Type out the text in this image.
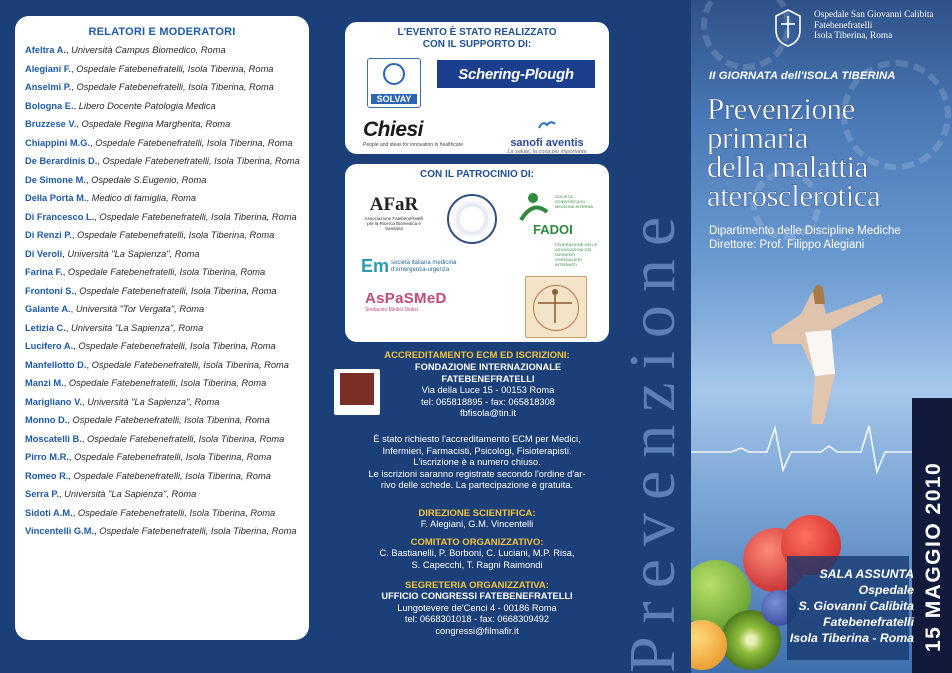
RELATORI E MODERATORI
Afeltra A., Università Campus Biomedico, Roma
Alegiani F., Ospedale Fatebenefratelli, Isola Tiberina, Roma
Anselmi P., Ospedale Fatebenefratelli, Isola Tiberina, Roma
Bologna E., Libero Docente Patologia Medica
Bruzzese V., Ospedale Regina Margherita, Roma
Chiappini M.G., Ospedale Fatebenefratelli, Isola Tiberina, Roma
De Berardinis D., Ospedale Fatebenefratelli, Isola Tiberina, Roma
De Simone M., Ospedale S.Eugenio, Roma
Della Porta M., Medico di famiglia, Roma
Di Francesco L., Ospedale Fatebenefratelli, Isola Tiberina, Roma
Di Renzi P., Ospedale Fatebenefratelli, Isola Tiberina, Roma
Di Veroli, Università "La Sapienza", Roma
Farina F., Ospedale Fatebenefratelli, Isola Tiberina, Roma
Frontoni S., Ospedale Fatebenefratelli, Isola Tiberina, Roma
Galante A., Università "Tor Vergata", Roma
Letizia C., Università "La Sapienza", Roma
Lucifero A., Ospedale Fatebenefratelli, Isola Tiberina, Roma
Manfellotto D., Ospedale Fatebenefratelli, Isola Tiberina, Roma
Manzi M., Ospedale Fatebenefratelli, Isola Tiberina, Roma
Marigliano V., Università "La Sapienza", Roma
Monno D., Ospedale Fatebenefratelli, Isola Tiberina, Roma
Moscatelli B., Ospedale Fatebenefratelli, Isola Tiberina, Roma
Pirro M.R., Ospedale Fatebenefratelli, Isola Tiberina, Roma
Romeo R., Ospedale Fatebenefratelli, Isola Tiberina, Roma
Serra P., Università "La Sapienza", Roma
Sidoti A.M., Ospedale Fatebenefratelli, Isola Tiberina, Roma
Vincentelli G.M., Ospedale Fatebenefratelli, Isola Tiberina, Roma
L'EVENTO È STATO REALIZZATO
CON IL SUPPORTO DI:
SOLVAY
Schering-Plough
Chiesi
People and ideas for innovation in healthcare	sanofi aventis
La salute, la cosa più importante
CON IL PATROCINIO DI:
AFaR
Associazione Fatebenefratelli per la Ricerca Biomedica e Sanitaria
SOCIETÀ SCIENTIFICA DI MEDICINA INTERNA
FADOI
FEDERAZIONE DELLE ASSOCIAZIONI DEI DIRIGENTI OSPEDALIERI INTERNISTI
Em società italiana medicina d'emergenza-urgenza
AsPaSMeD
Sindacato Medici Dialisi
ACCREDITAMENTO ECM ED ISCRIZIONI:
FONDAZIONE INTERNAZIONALE
FATEBENEFRATELLI
Via della Luce 15 - 00153 Roma
tel: 065818895 - fax: 065818308
fbfisola@tin.it
È stato richiesto l'accreditamento ECM per Medici,
Infermieri, Farmacisti, Psicologi, Fisioterapisti.
L'iscrizione è a numero chiuso.
Le iscrizioni saranno registrate secondo l'ordine d'ar-
rivo delle schede. La partecipazione è gratuita.
DIREZIONE SCIENTIFICA:
F. Alegiani, G.M. Vincentelli
COMITATO ORGANIZZATIVO:
C. Bastianelli, P. Borboni, C. Luciani, M.P. Risa,
S. Capecchi, T. Ragni Raimondi
SEGRETERIA ORGANIZZATIVA:
UFFICIO CONGRESSI FATEBENEFRATELLI
Lungotevere de'Cenci 4 - 00186 Roma
tel: 0668301018 - fax: 0668309492
congressi@filmafir.it	Prevenzione
Ospedale San Giovanni Calibita
Fatebenefratelli
Isola Tiberina, Roma
II GIORNATA dell'ISOLA TIBERINA
Prevenzione
primaria
della malattia
aterosclerotica
Dipartimento delle Discipline Mediche
Direttore: Prof. Filippo Alegiani
SALA ASSUNTA
Ospedale
S. Giovanni Calibita
Fatebenefratelli
Isola Tiberina - Roma 15 MAGGIO 2010
